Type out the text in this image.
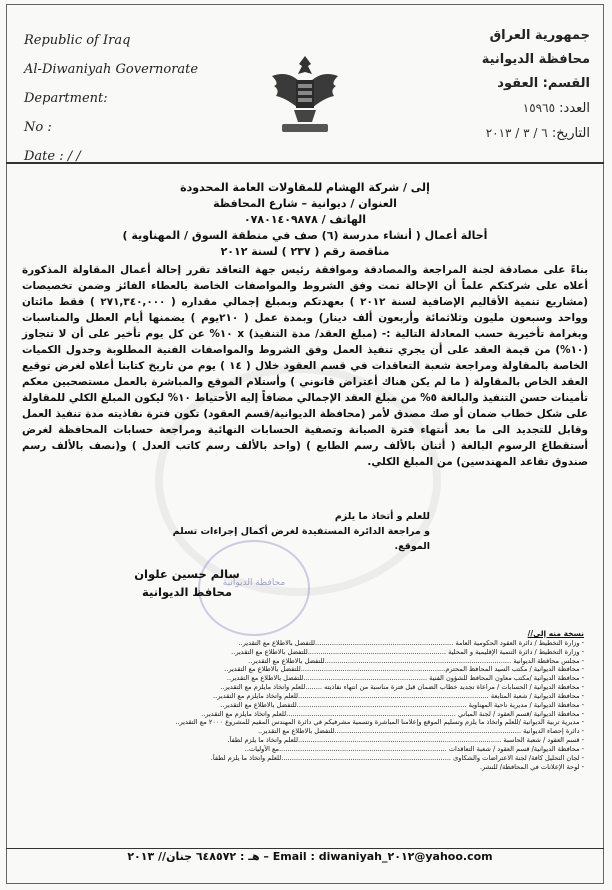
Republic of Iraq
Al-Diwaniyah Governorate
Department:
No :
Date : / /
جمهورية العراق
محافظة الديوانية
القسم: العقود
العدد: ١٥٩٦٥
التاريخ: ٦ / ٣ / ٢٠١٣
إلى / شركة الهشام للمقاولات العامة المحدودة
العنوان / ديوانية – شارع المحافظة
الهاتف / ٠٧٨٠١٤٠٩٨٧٨
أحالة أعمال ( أنشاء مدرسة (٦) صف في منطقة السوق / المهناوية )
مناقصة رقم ( ٢٣٧ ) لسنة ٢٠١٢
بناءً على مصادقة لجنة المراجعة والمصادقة وموافقة رئيس جهة التعاقد تقرر إحالة أعمال المقاولة المذكورة أعلاه على شركتكم علماً أن الإحالة تمت وفق الشروط والمواصفات الخاصة بالعطاء الفائز وضمن تخصيصات (مشاريع تنمية الأقاليم الإضافية لسنة ٢٠١٢ ) بعهدتكم وبمبلغ إجمالي مقداره ( ٢٧١,٣٤٠,٠٠٠ ) فقط مائتان وواحد وسبعون مليون وثلاثمائة وأربعون ألف دينار) وبمدة عمل ( ٢١٠يوم ) يضمنها أيام العطل والمناسبات وبغرامة تأخيرية حسب المعادلة التالية :- (مبلغ العقد/ مدة التنفيذ) x ١٠% عن كل يوم تأخير على أن لا تتجاوز (١٠%) من قيمة العقد على أن يجري تنفيذ العمل وفق الشروط والمواصفات الفنية المطلوبة وجدول الكميات الخاصة بالمقاولة ومراجعة شعبة التعاقدات في قسم العقود خلال ( ١٤ ) يوم من تاريخ كتابنا أعلاه لغرض توقيع العقد الخاص بالمقاولة ( ما لم يكن هناك أعتراض قانوني ) وأستلام الموقع والمباشرة بالعمل مستصحبين معكم تأمينات حسن التنفيذ والبالغة ٥% من مبلغ العقد الإجمالي مضافاً إليه الأحتياط ١٠% ليكون المبلغ الكلي للمقاولة على شكل خطاب ضمان أو صك مصدق لأمر (محافظة الديوانية/قسم العقود) تكون فترة نفاذيته مدة تنفيذ العمل وقابل للتجديد الى ما بعد أنتهاء فترة الصيانة وتصفية الحسابات النهائية ومراجعة حسابات المحافظة لغرض أستقطاع الرسوم البالغة ( أثنان بالألف رسم الطابع ) (واحد بالألف رسم كاتب العدل ) و(نصف بالألف رسم صندوق تقاعد المهندسين) من المبلغ الكلي.
للعلم و أتخاذ ما يلزم
و مراجعة الدائرة المستفيدة لغرض أكمال إجراءات تسلم الموقع.
محافظة الديوانية
سالم حسين علوان
محافظ الديوانية
نسخة منه إلى//
- وزارة التخطيط / دائرة العقود الحكومية العامة ..................................................................للتفضل بالاطلاع مع التقدير..
- وزارة التخطيط / دائرة التنمية الإقليمية و المحلية ..................................................................للتفضل بالاطلاع مع التقدير..
- مجلس محافظة الديوانية .........................................................................................للتفضل بالاطلاع مع التقدير..
- محافظة الديوانية / مكتب السيد المحافظ المحترم.....................................................................للتفضل بالاطلاع مع التقدير..
- محافظة الديوانية /مكتب معاون المحافظ للشؤون الفنية ...........................................................للتفضل بالاطلاع مع التقدير..
- محافظة الديوانية / الحسابات / مراعاة تجديد خطاب الضمان قبل فترة مناسبة من انتهاء نفاذيته ........للعلم واتخاذ مايلزم مع التقدير..
- محافظة الديوانية / شعبة المتابعة ...........................................................................................للعلم واتخاذ مايلزم مع التقدير..
- محافظة الديوانية / مديرية ناحية المهناوية .................................................................................للتفضل بالاطلاع مع التقدير..
- محافظة الديوانية /قسم العقود / لجنة المباني .................................................................................للعلم واتخاذ مايلزم مع التقدير..
- مديرية تربية الديوانية /للعلم واتخاذ ما يلزم وتسليم الموقع وإعلامنا المباشرة وتسمية مشرفيكم في دائرة المهندس المقيم للمشروع ٢٠٠٠ مع التقدير..
- دائرة إحصاء الديوانية .........................................................................................للتفضل بالاطلاع مع التقدير..
- قسم العقود / شعبة الحاسبة .................................................................................................للعلم واتخاذ ما يلزم لطفاً.
- محافظة الديوانية/ قسم العقود / شعبة التعاقدات ................................................................................مع الأوليات..
- لجان التحليل كافة/ لجنة الاعتراضات والشكاوى .................................................................................للعلم واتخاذ ما يلزم لطفاً.
- لوحة الإعلانات في المحافظة/ للنشر.
هـ : ٦٤٨٥٧٢ جنان// ٢٠١٣ – Email : diwaniyah_٢٠١٢@yahoo.com
